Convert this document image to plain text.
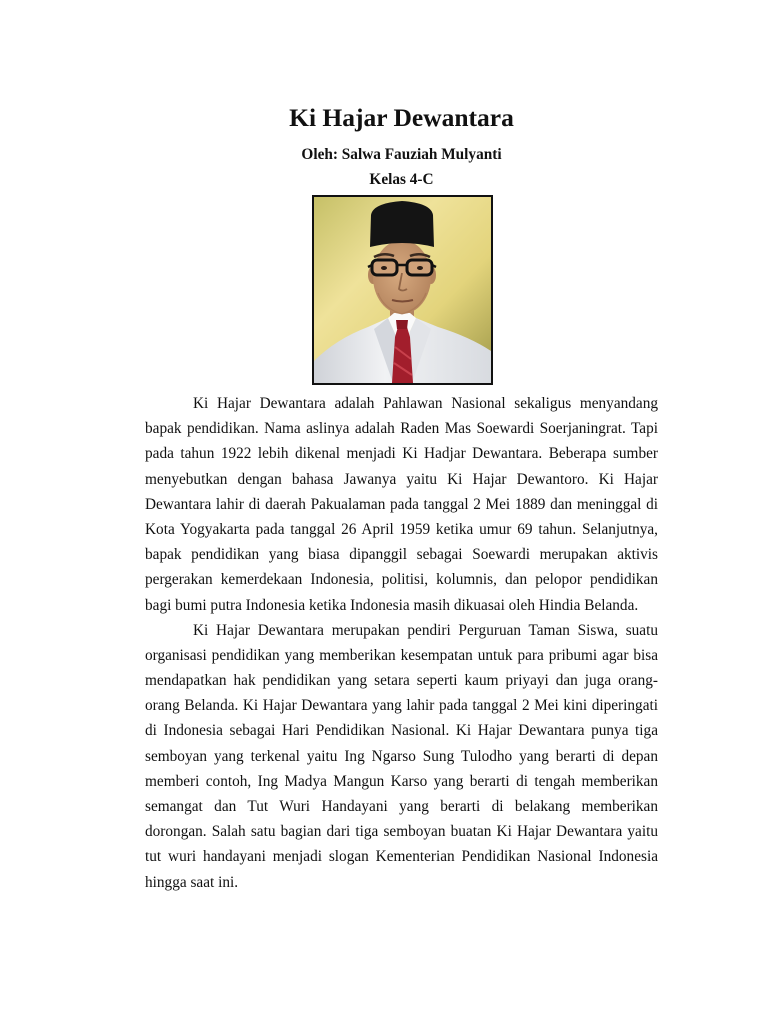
Ki Hajar Dewantara
Oleh: Salwa Fauziah Mulyanti
Kelas 4-C
Ki Hajar Dewantara adalah Pahlawan Nasional sekaligus menyandang
bapak pendidikan. Nama aslinya adalah Raden Mas Soewardi Soerjaningrat. Tapi
pada tahun 1922 lebih dikenal menjadi Ki Hadjar Dewantara. Beberapa sumber
menyebutkan dengan bahasa Jawanya yaitu Ki Hajar Dewantoro. Ki Hajar
Dewantara lahir di daerah Pakualaman pada tanggal 2 Mei 1889 dan meninggal di
Kota Yogyakarta pada tanggal 26 April 1959 ketika umur 69 tahun. Selanjutnya,
bapak pendidikan yang biasa dipanggil sebagai Soewardi merupakan aktivis
pergerakan kemerdekaan Indonesia, politisi, kolumnis, dan pelopor pendidikan
bagi bumi putra Indonesia ketika Indonesia masih dikuasai oleh Hindia Belanda.
Ki Hajar Dewantara merupakan pendiri Perguruan Taman Siswa, suatu
organisasi pendidikan yang memberikan kesempatan untuk para pribumi agar bisa
mendapatkan hak pendidikan yang setara seperti kaum priyayi dan juga orang-
orang Belanda. Ki Hajar Dewantara yang lahir pada tanggal 2 Mei kini diperingati
di Indonesia sebagai Hari Pendidikan Nasional. Ki Hajar Dewantara punya tiga
semboyan yang terkenal yaitu Ing Ngarso Sung Tulodho yang berarti di depan
memberi contoh, Ing Madya Mangun Karso yang berarti di tengah memberikan
semangat dan Tut Wuri Handayani yang berarti di belakang memberikan
dorongan. Salah satu bagian dari tiga semboyan buatan Ki Hajar Dewantara yaitu
tut wuri handayani menjadi slogan Kementerian Pendidikan Nasional Indonesia
hingga saat ini.
